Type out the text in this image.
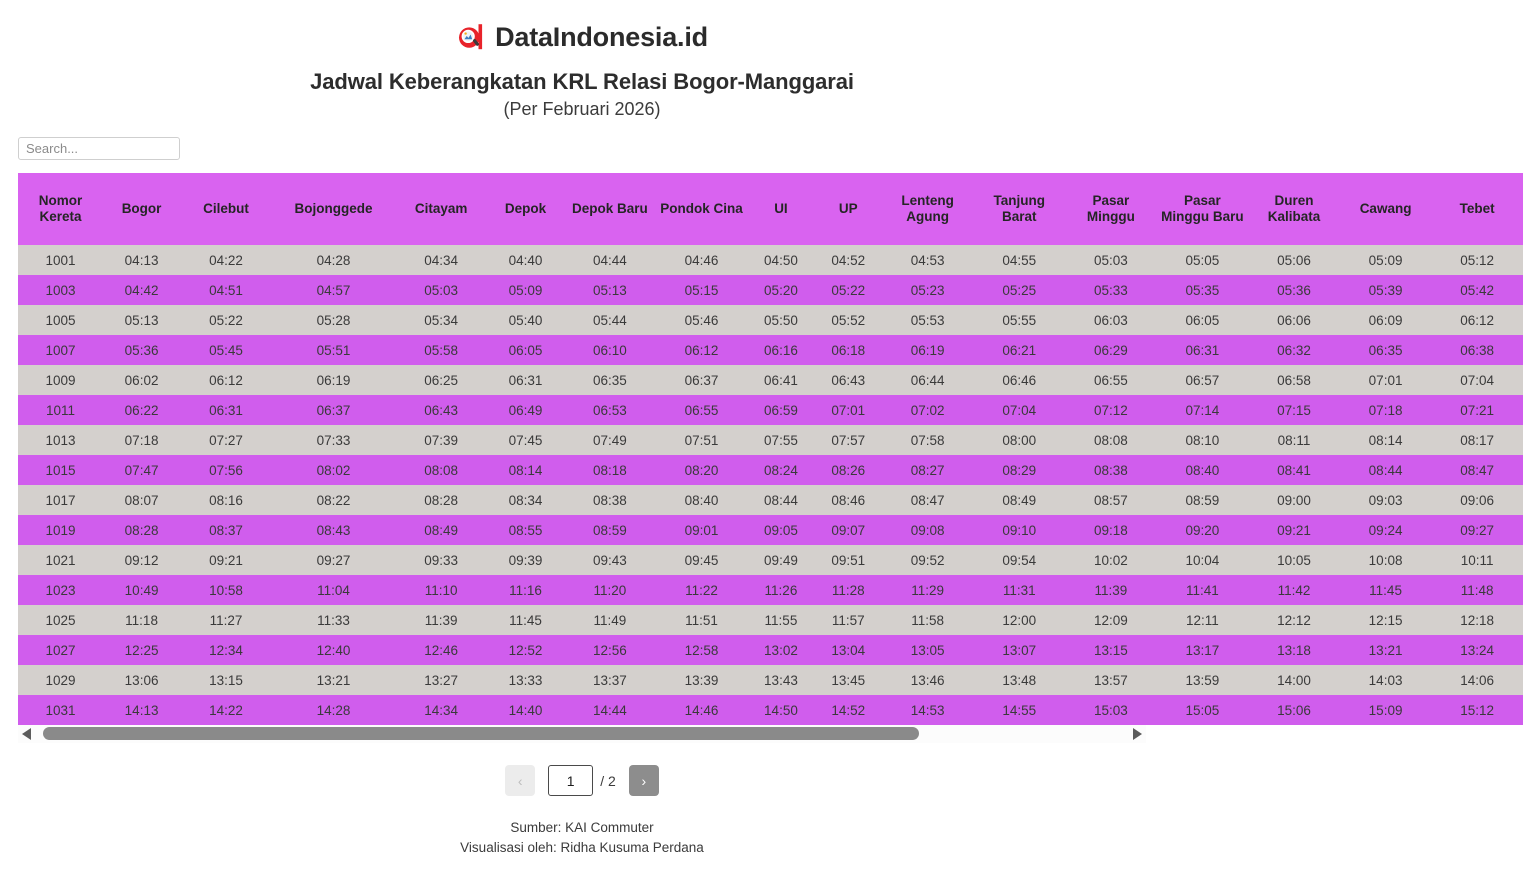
DataIndonesia.id
Jadwal Keberangkatan KRL Relasi Bogor-Manggarai
(Per Februari 2026)
Search...
Nomor Kereta	Bogor	Cilebut	Bojonggede	Citayam	Depok	Depok Baru	Pondok Cina	UI	UP	Lenteng Agung	Tanjung Barat	Pasar Minggu	Pasar Minggu Baru	Duren Kalibata	Cawang	Tebet
1001	04:13	04:22	04:28	04:34	04:40	04:44	04:46	04:50	04:52	04:53	04:55	05:03	05:05	05:06	05:09	05:12
1003	04:42	04:51	04:57	05:03	05:09	05:13	05:15	05:20	05:22	05:23	05:25	05:33	05:35	05:36	05:39	05:42
1005	05:13	05:22	05:28	05:34	05:40	05:44	05:46	05:50	05:52	05:53	05:55	06:03	06:05	06:06	06:09	06:12
1007	05:36	05:45	05:51	05:58	06:05	06:10	06:12	06:16	06:18	06:19	06:21	06:29	06:31	06:32	06:35	06:38
1009	06:02	06:12	06:19	06:25	06:31	06:35	06:37	06:41	06:43	06:44	06:46	06:55	06:57	06:58	07:01	07:04
1011	06:22	06:31	06:37	06:43	06:49	06:53	06:55	06:59	07:01	07:02	07:04	07:12	07:14	07:15	07:18	07:21
1013	07:18	07:27	07:33	07:39	07:45	07:49	07:51	07:55	07:57	07:58	08:00	08:08	08:10	08:11	08:14	08:17
1015	07:47	07:56	08:02	08:08	08:14	08:18	08:20	08:24	08:26	08:27	08:29	08:38	08:40	08:41	08:44	08:47
1017	08:07	08:16	08:22	08:28	08:34	08:38	08:40	08:44	08:46	08:47	08:49	08:57	08:59	09:00	09:03	09:06
1019	08:28	08:37	08:43	08:49	08:55	08:59	09:01	09:05	09:07	09:08	09:10	09:18	09:20	09:21	09:24	09:27
1021	09:12	09:21	09:27	09:33	09:39	09:43	09:45	09:49	09:51	09:52	09:54	10:02	10:04	10:05	10:08	10:11
1023	10:49	10:58	11:04	11:10	11:16	11:20	11:22	11:26	11:28	11:29	11:31	11:39	11:41	11:42	11:45	11:48
1025	11:18	11:27	11:33	11:39	11:45	11:49	11:51	11:55	11:57	11:58	12:00	12:09	12:11	12:12	12:15	12:18
1027	12:25	12:34	12:40	12:46	12:52	12:56	12:58	13:02	13:04	13:05	13:07	13:15	13:17	13:18	13:21	13:24
1029	13:06	13:15	13:21	13:27	13:33	13:37	13:39	13:43	13:45	13:46	13:48	13:57	13:59	14:00	14:03	14:06
1031	14:13	14:22	14:28	14:34	14:40	14:44	14:46	14:50	14:52	14:53	14:55	15:03	15:05	15:06	15:09	15:12
‹
1	/ 2	›
Sumber: KAI Commuter
Visualisasi oleh: Ridha Kusuma Perdana
